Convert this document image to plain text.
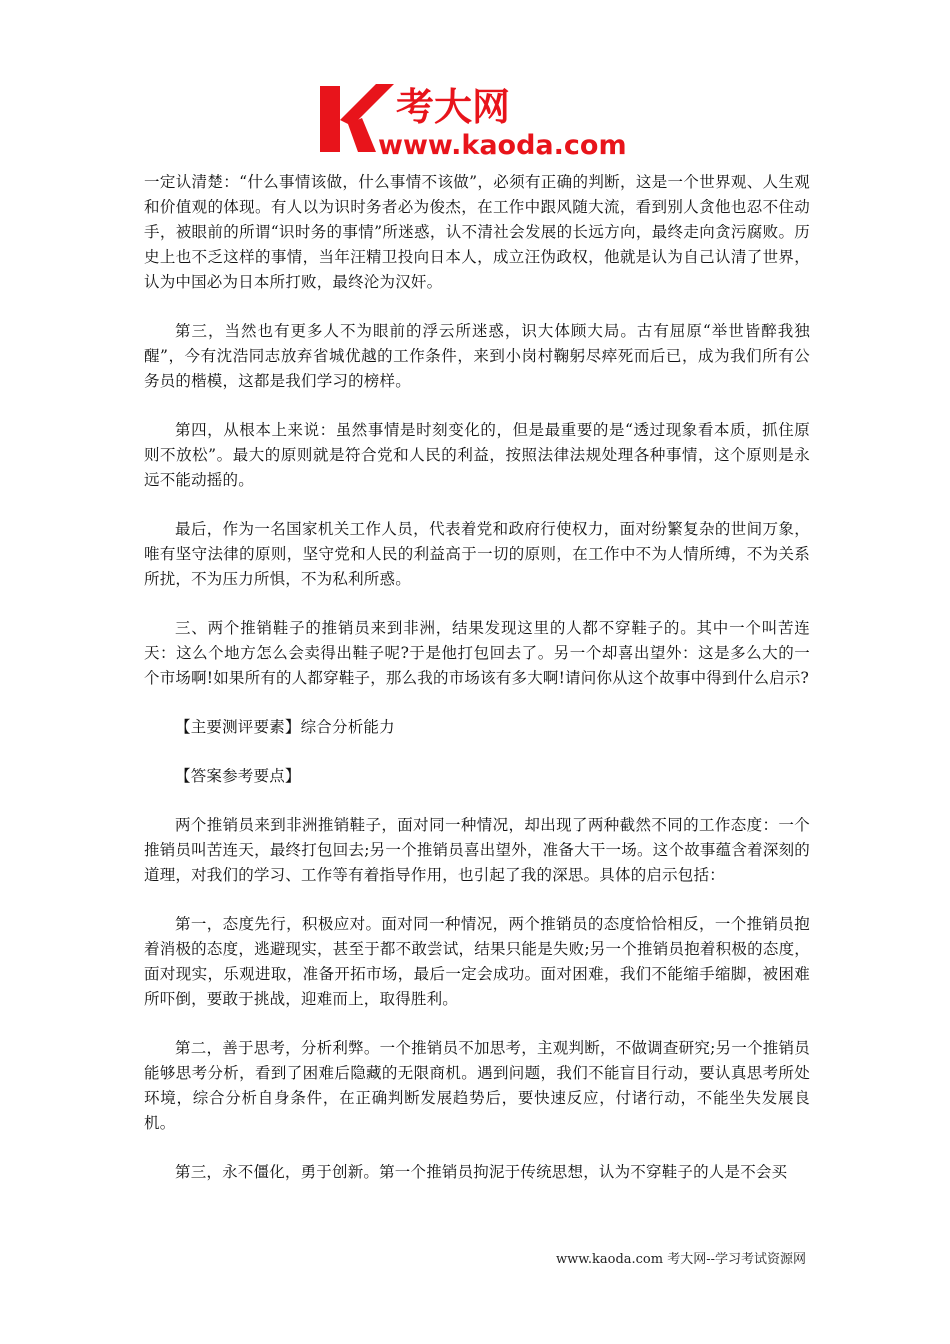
考大网
www.kaoda.com

一定认清楚：“什么事情该做，什么事情不该做”，必须有正确的判断，这是一个世界观、人生观和价值观的体现。有人以为识时务者必为俊杰，在工作中跟风随大流，看到别人贪他也忍不住动手，被眼前的所谓“识时务的事情”所迷惑，认不清社会发展的长远方向，最终走向贪污腐败。历史上也不乏这样的事情，当年汪精卫投向日本人，成立汪伪政权，他就是认为自己认清了世界，认为中国必为日本所打败，最终沦为汉奸。

第三，当然也有更多人不为眼前的浮云所迷惑，识大体顾大局。古有屈原“举世皆醉我独醒”，今有沈浩同志放弃省城优越的工作条件，来到小岗村鞠躬尽瘁死而后已，成为我们所有公务员的楷模，这都是我们学习的榜样。

第四，从根本上来说：虽然事情是时刻变化的，但是最重要的是“透过现象看本质，抓住原则不放松”。最大的原则就是符合党和人民的利益，按照法律法规处理各种事情，这个原则是永远不能动摇的。

最后，作为一名国家机关工作人员，代表着党和政府行使权力，面对纷繁复杂的世间万象，唯有坚守法律的原则，坚守党和人民的利益高于一切的原则，在工作中不为人情所缚，不为关系所扰，不为压力所惧，不为私利所惑。

三、两个推销鞋子的推销员来到非洲，结果发现这里的人都不穿鞋子的。其中一个叫苦连天：这么个地方怎么会卖得出鞋子呢?于是他打包回去了。另一个却喜出望外：这是多么大的一个市场啊!如果所有的人都穿鞋子，那么我的市场该有多大啊!请问你从这个故事中得到什么启示?

【主要测评要素】综合分析能力

【答案参考要点】

两个推销员来到非洲推销鞋子，面对同一种情况，却出现了两种截然不同的工作态度：一个推销员叫苦连天，最终打包回去;另一个推销员喜出望外，准备大干一场。这个故事蕴含着深刻的道理，对我们的学习、工作等有着指导作用，也引起了我的深思。具体的启示包括：

第一，态度先行，积极应对。面对同一种情况，两个推销员的态度恰恰相反，一个推销员抱着消极的态度，逃避现实，甚至于都不敢尝试，结果只能是失败;另一个推销员抱着积极的态度，面对现实，乐观进取，准备开拓市场，最后一定会成功。面对困难，我们不能缩手缩脚，被困难所吓倒，要敢于挑战，迎难而上，取得胜利。

第二，善于思考，分析利弊。一个推销员不加思考，主观判断，不做调查研究;另一个推销员能够思考分析，看到了困难后隐藏的无限商机。遇到问题，我们不能盲目行动，要认真思考所处环境，综合分析自身条件，在正确判断发展趋势后，要快速反应，付诸行动，不能坐失发展良机。

第三，永不僵化，勇于创新。第一个推销员拘泥于传统思想，认为不穿鞋子的人是不会买

www.kaoda.com 考大网--学习考试资源网
